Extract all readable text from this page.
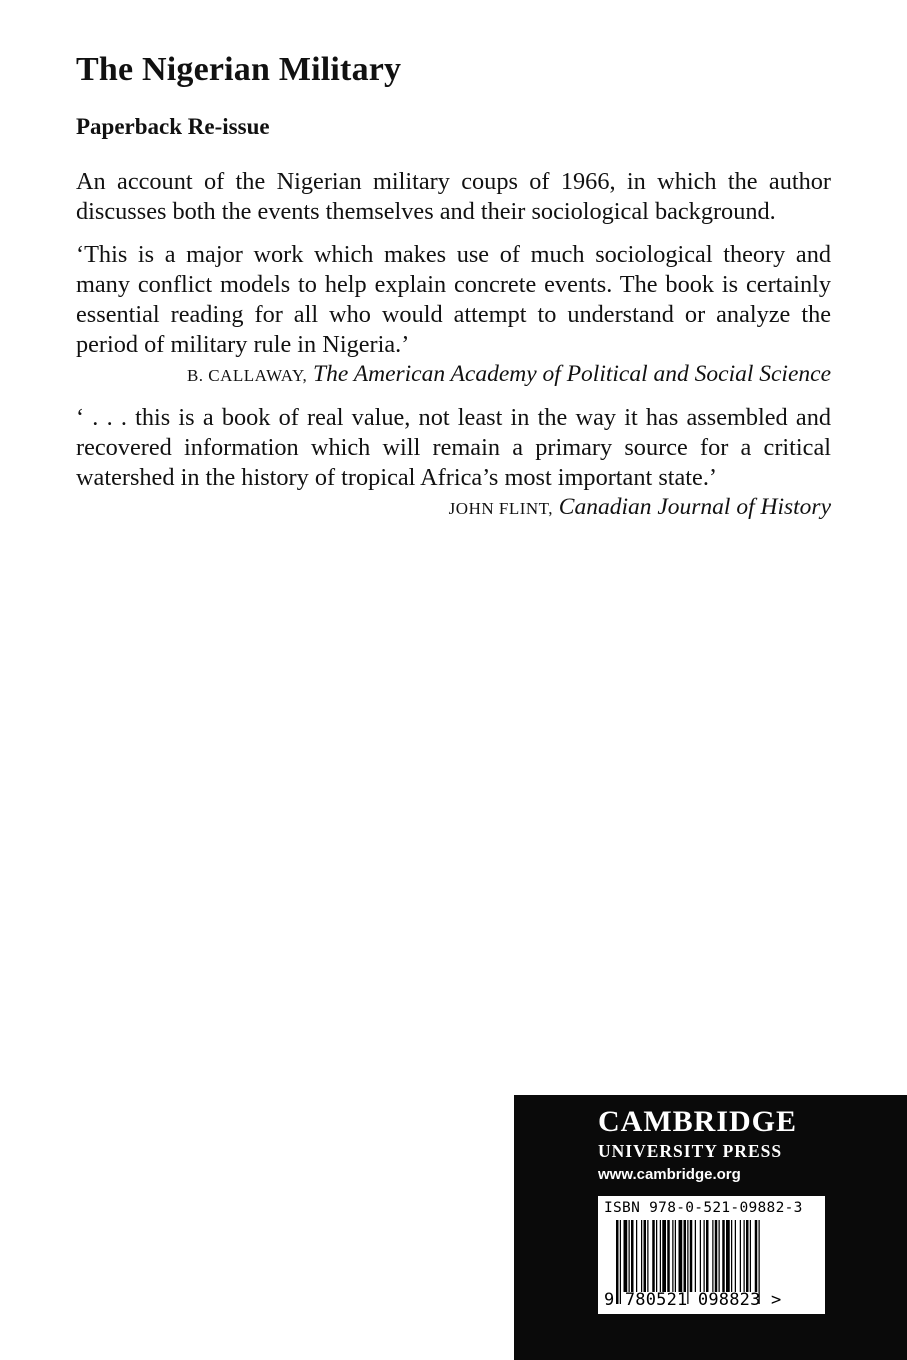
The Nigerian Military
Paperback Re-issue

An account of the Nigerian military coups of 1966, in which the author discusses both the events themselves and their sociological background.

‘This is a major work which makes use of much sociological theory and many conflict models to help explain concrete events. The book is certainly essential reading for all who would attempt to understand or analyze the period of military rule in Nigeria.’

B. CALLAWAY, The American Academy of Political and Social Science

‘ . . . this is a book of real value, not least in the way it has assembled and recovered information which will remain a primary source for a critical watershed in the history of tropical Africa’s most important state.’

JOHN FLINT, Canadian Journal of History
CAMBRIDGE
UNIVERSITY PRESS
www.cambridge.org
ISBN 978-0-521-09882-3
9 780521 098823 >
